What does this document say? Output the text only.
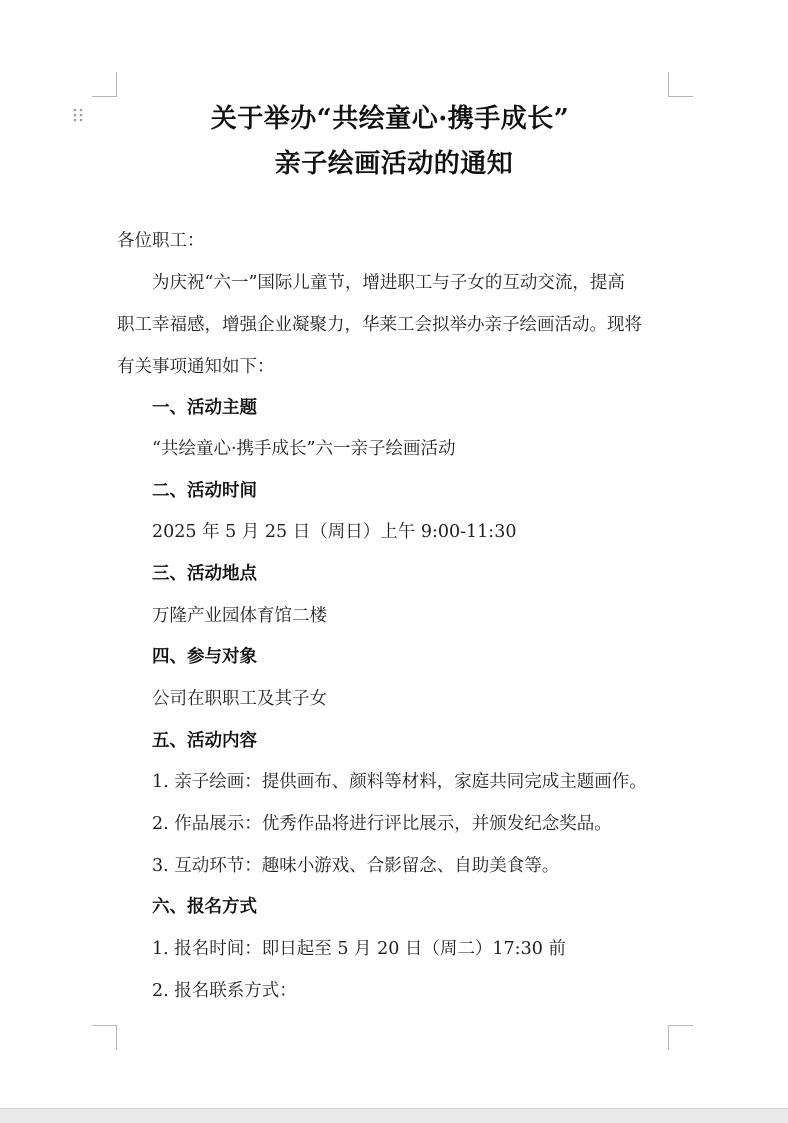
关于举办“共绘童心·携手成长”
亲子绘画活动的通知
各位职工：
为庆祝“六一”国际儿童节，增进职工与子女的互动交流，提高
职工幸福感，增强企业凝聚力，华莱工会拟举办亲子绘画活动。现将
有关事项通知如下：
一、活动主题
“共绘童心·携手成长”六一亲子绘画活动
二、活动时间
2025 年 5 月 25 日（周日）上午 9:00-11:30
三、活动地点
万隆产业园体育馆二楼
四、参与对象
公司在职职工及其子女
五、活动内容
1. 亲子绘画：提供画布、颜料等材料，家庭共同完成主题画作。
2. 作品展示：优秀作品将进行评比展示，并颁发纪念奖品。
3. 互动环节：趣味小游戏、合影留念、自助美食等。
六、报名方式
1. 报名时间：即日起至 5 月 20 日（周二）17:30 前
2. 报名联系方式：
